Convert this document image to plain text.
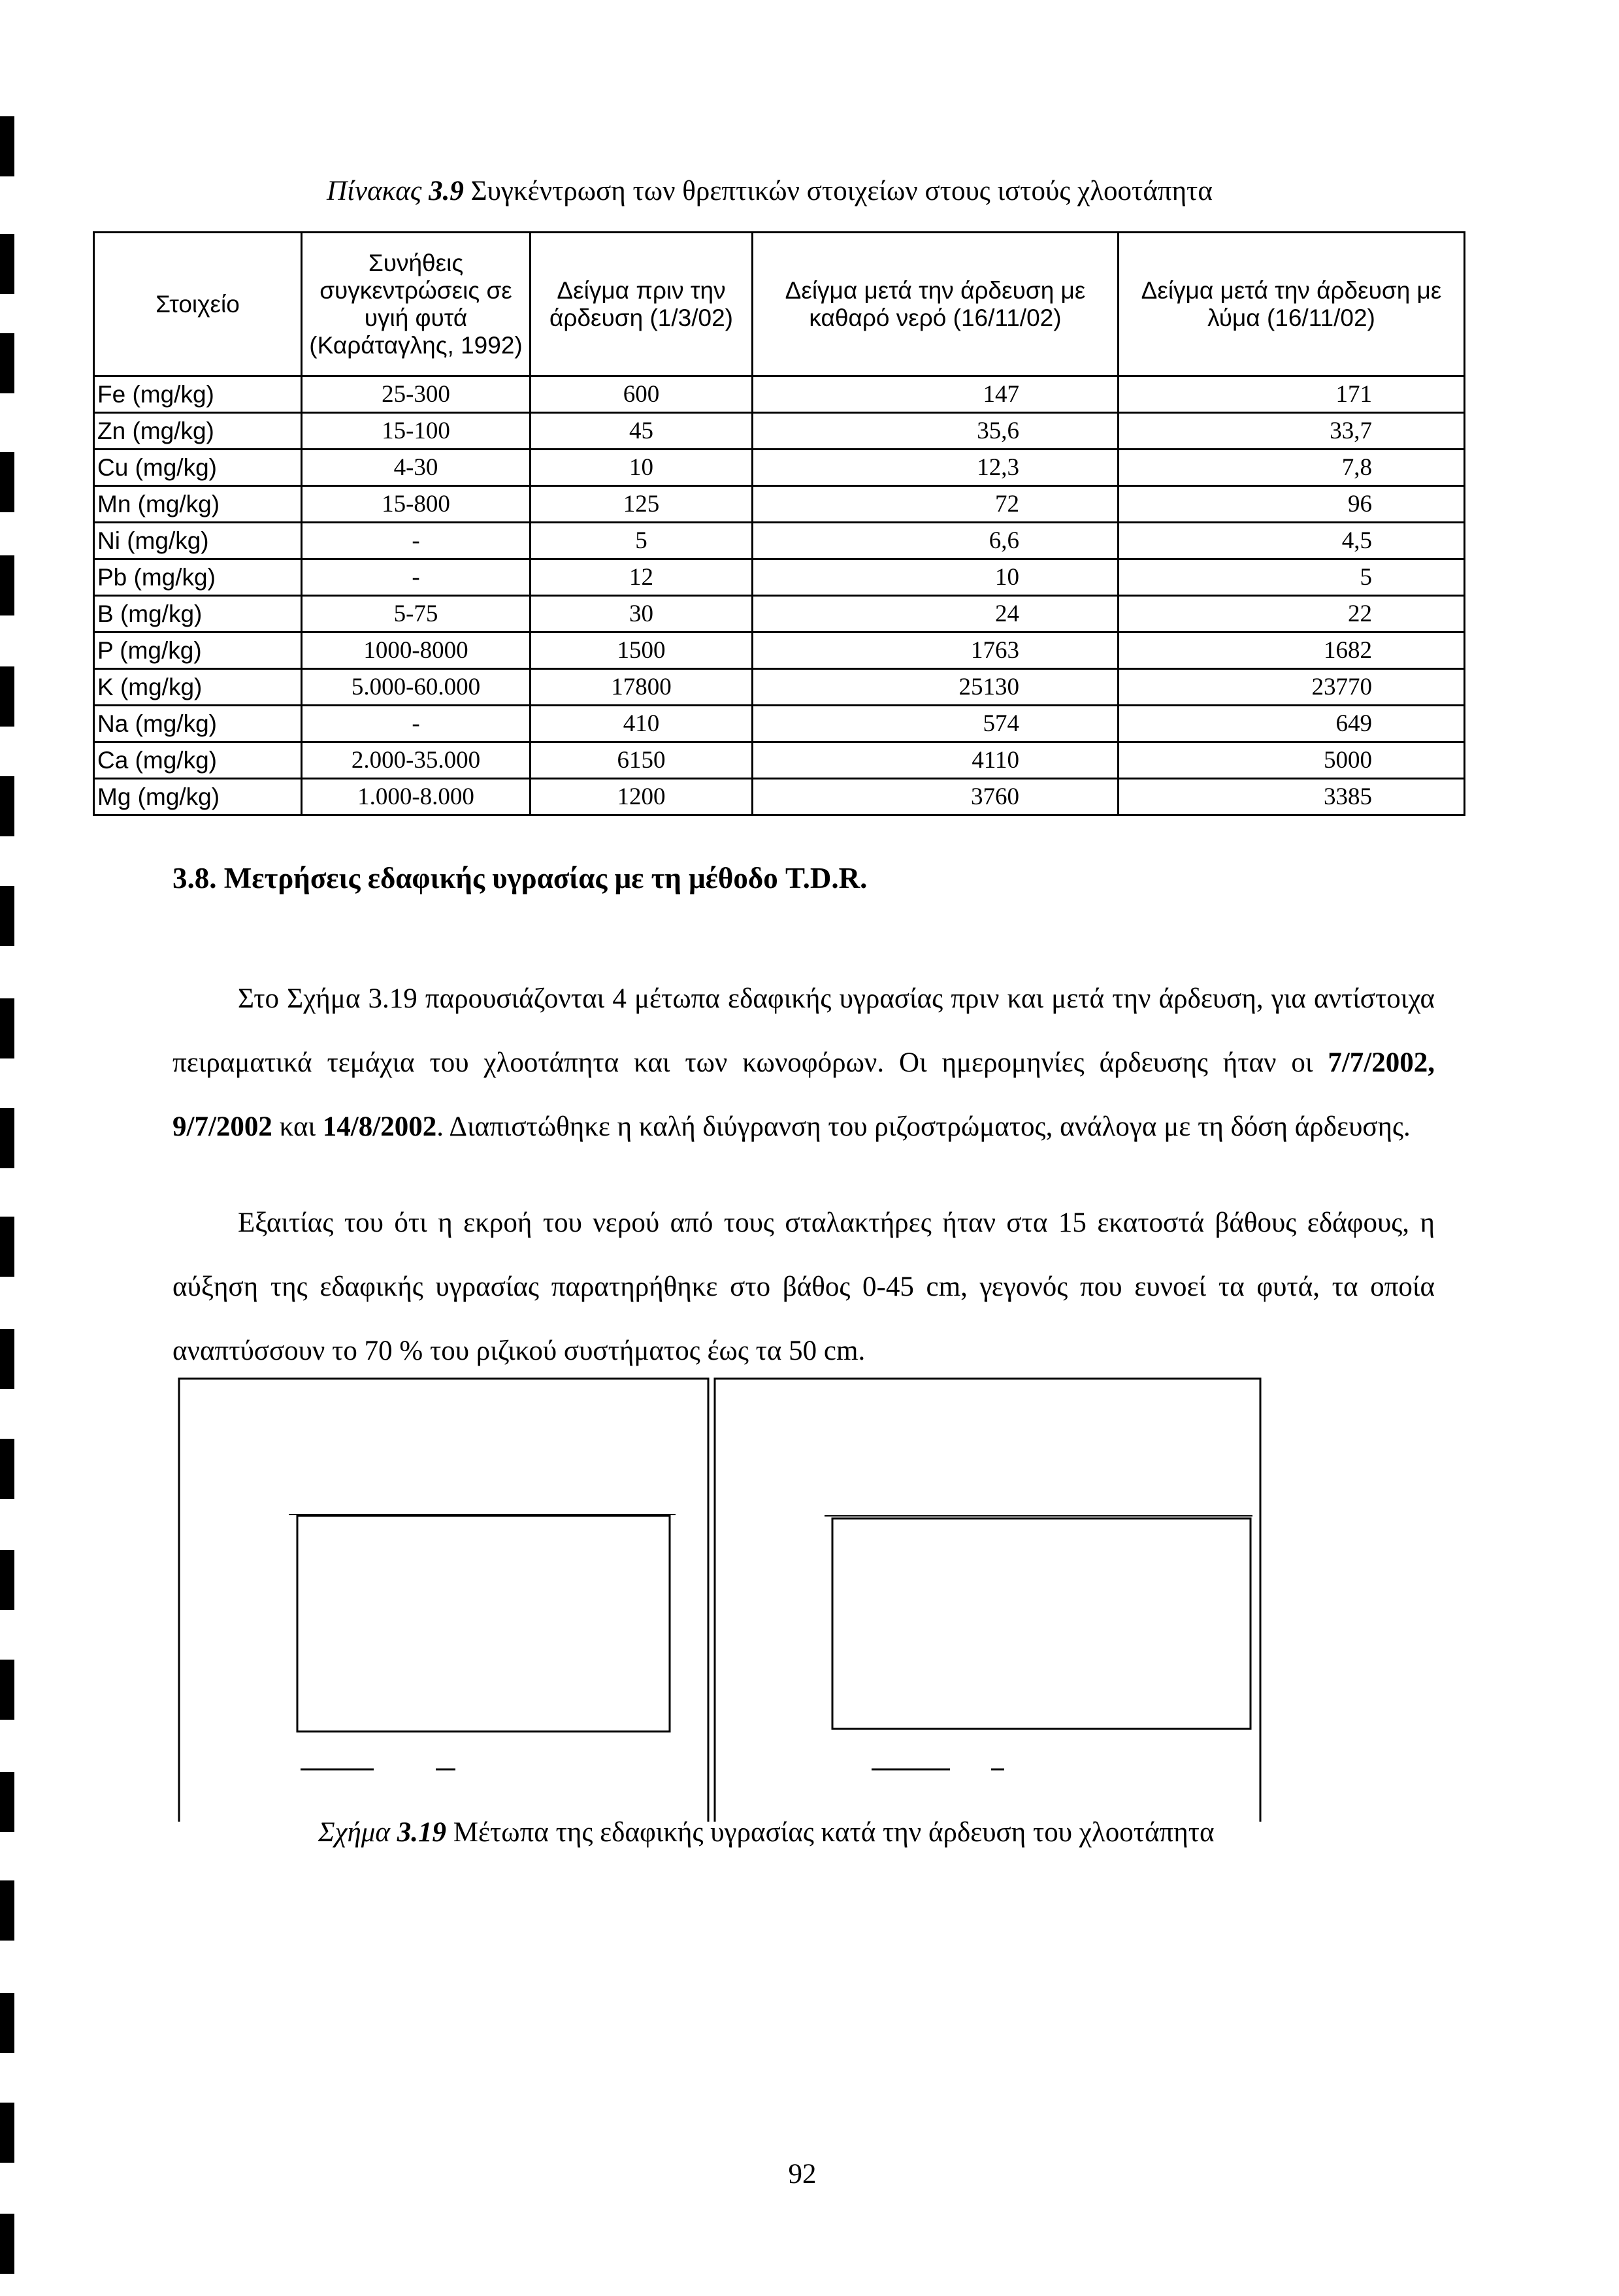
Πίνακας 3.9 Συγκέντρωση των θρεπτικών στοιχείων στους ιστούς χλοοτάπητα
Στοιχείο	Συνήθεις συγκεντρώσεις σε υγιή φυτά (Καράταγλης, 1992)	Δείγμα πριν την άρδευση (1/3/02)	Δείγμα μετά την άρδευση με καθαρό νερό (16/11/02)	Δείγμα μετά την άρδευση με λύμα (16/11/02)
Fe (mg/kg)	25-300	600	147	171
Zn (mg/kg)	15-100	45	35,6	33,7
Cu (mg/kg)	4-30	10	12,3	7,8
Mn (mg/kg)	15-800	125	72	96
Ni (mg/kg)	-	5	6,6	4,5
Pb (mg/kg)	-	12	10	5
B (mg/kg)	5-75	30	24	22
P (mg/kg)	1000-8000	1500	1763	1682
K (mg/kg)	5.000-60.000	17800	25130	23770
Na (mg/kg)	-	410	574	649
Ca (mg/kg)	2.000-35.000	6150	4110	5000
Mg (mg/kg)	1.000-8.000	1200	3760	3385
3.8. Μετρήσεις εδαφικής υγρασίας με τη μέθοδο T.D.R.

Στο Σχήμα 3.19 παρουσιάζονται 4 μέτωπα εδαφικής υγρασίας πριν και μετά την άρδευση, για αντίστοιχα πειραματικά τεμάχια του χλοοτάπητα και των κωνοφόρων. Οι ημερομηνίες άρδευσης ήταν οι 7/7/2002, 9/7/2002 και 14/8/2002. Διαπιστώθηκε η καλή διύγρανση του ριζοστρώματος, ανάλογα με τη δόση άρδευσης.

Εξαιτίας του ότι η εκροή του νερού από τους σταλακτήρες ήταν στα 15 εκατοστά βάθους εδάφους, η αύξηση της εδαφικής υγρασίας παρατηρήθηκε στο βάθος 0-45 cm, γεγονός που ευνοεί τα φυτά, τα οποία αναπτύσσουν το 70 % του ριζικού συστήματος έως τα 50 cm.

Σχήμα 3.19 Μέτωπα της εδαφικής υγρασίας κατά την άρδευση του χλοοτάπητα
92
